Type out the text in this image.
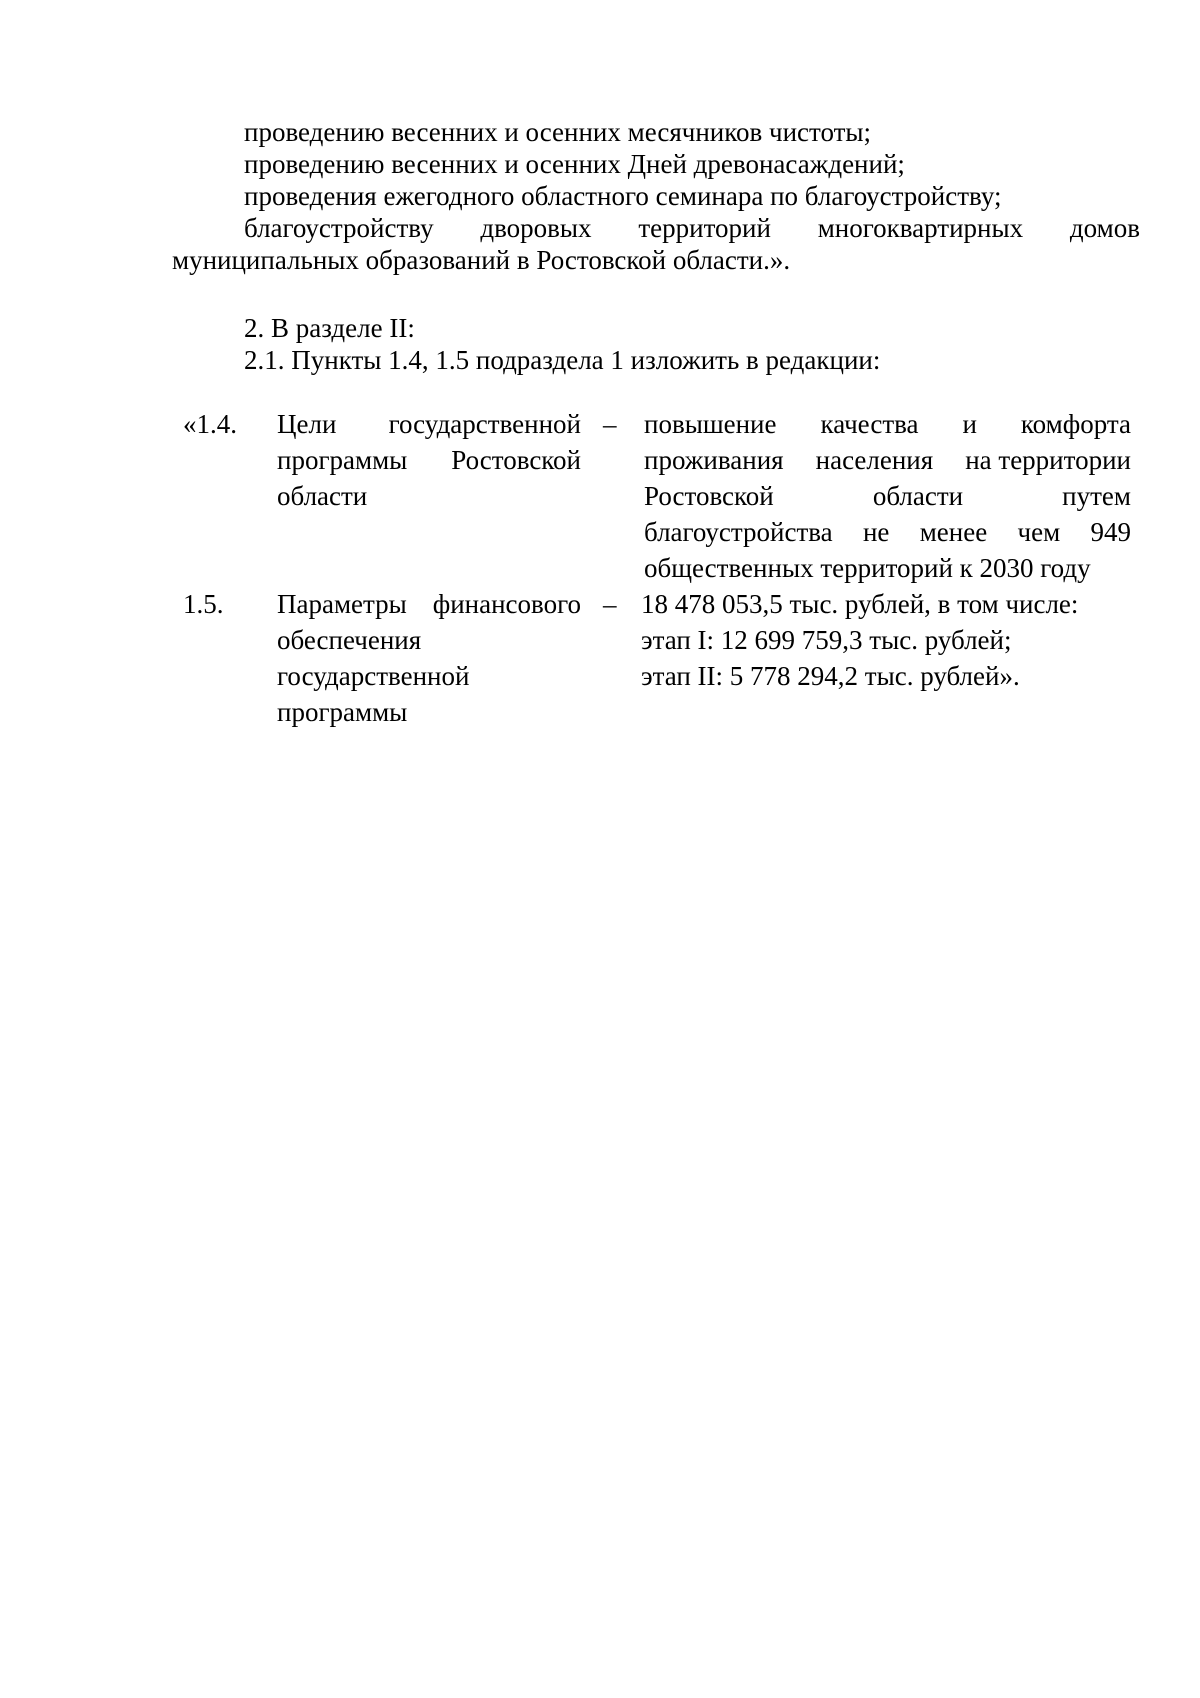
проведению весенних и осенних месячников чистоты;

проведению весенних и осенних Дней древонасаждений;

проведения ежегодного областного семинара по благоустройству;

благоустройству дворовых территорий многоквартирных домов

муниципальных образований в Ростовской области.».

2. В разделе II:

2.1. Пункты 1.4, 1.5 подраздела 1 изложить в редакции:

«1.4. Цели государственной
программы Ростовской

области

– повышение качества и комфорта
проживания населения на территории
Ростовской	области	путем
благоустройства не менее чем 949

общественных территорий к 2030 году

1.5. Параметры финансового

обеспечения

государственной

программы

– 18 478 053,5 тыс. рублей, в том числе:

этап I: 12 699 759,3 тыс. рублей;

этап II: 5 778 294,2 тыс. рублей».
